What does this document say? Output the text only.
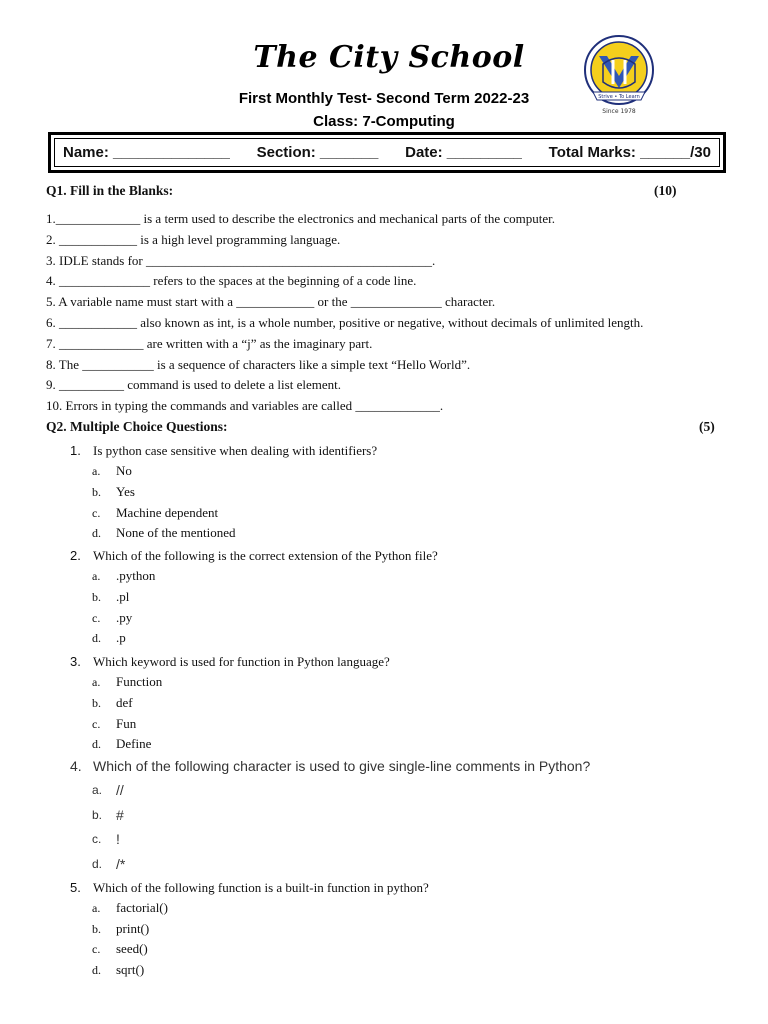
The City School
First Monthly Test- Second Term 2022-23
Class: 7-Computing
Strive • To Learn
Since 1978
Name: ______________ Section: _______ Date: _________ Total Marks: ______/30
Q1. Fill in the Blanks:	(10)
1._____________ is a term used to describe the electronics and mechanical parts of the computer.
2. ____________ is a high level programming language.
3. IDLE stands for ____________________________________________.
4. ______________ refers to the spaces at the beginning of a code line.
5. A variable name must start with a ____________ or the ______________ character.
6. ____________ also known as int, is a whole number, positive or negative, without decimals of unlimited length.
7. _____________ are written with a “j” as the imaginary part.
8. The ___________ is a sequence of characters like a simple text “Hello World”.
9. __________ command is used to delete a list element.
10. Errors in typing the commands and variables are called _____________.
Q2. Multiple Choice Questions:	(5)
1. Is python case sensitive when dealing with identifiers?
a.	No
b.	Yes
c.	Machine dependent
d.	None of the mentioned
2. Which of the following is the correct extension of the Python file?
a.	.python
b.	.pl
c.	.py
d.	.p
3. Which keyword is used for function in Python language?
a.	Function
b.	def
c.	Fun
d.	Define
4. Which of the following character is used to give single-line comments in Python?
a. //
b. #
c.	!
d. /*
5. Which of the following function is a built-in function in python?
a.	factorial()
b.	print()
c.	seed()
d.	sqrt()
